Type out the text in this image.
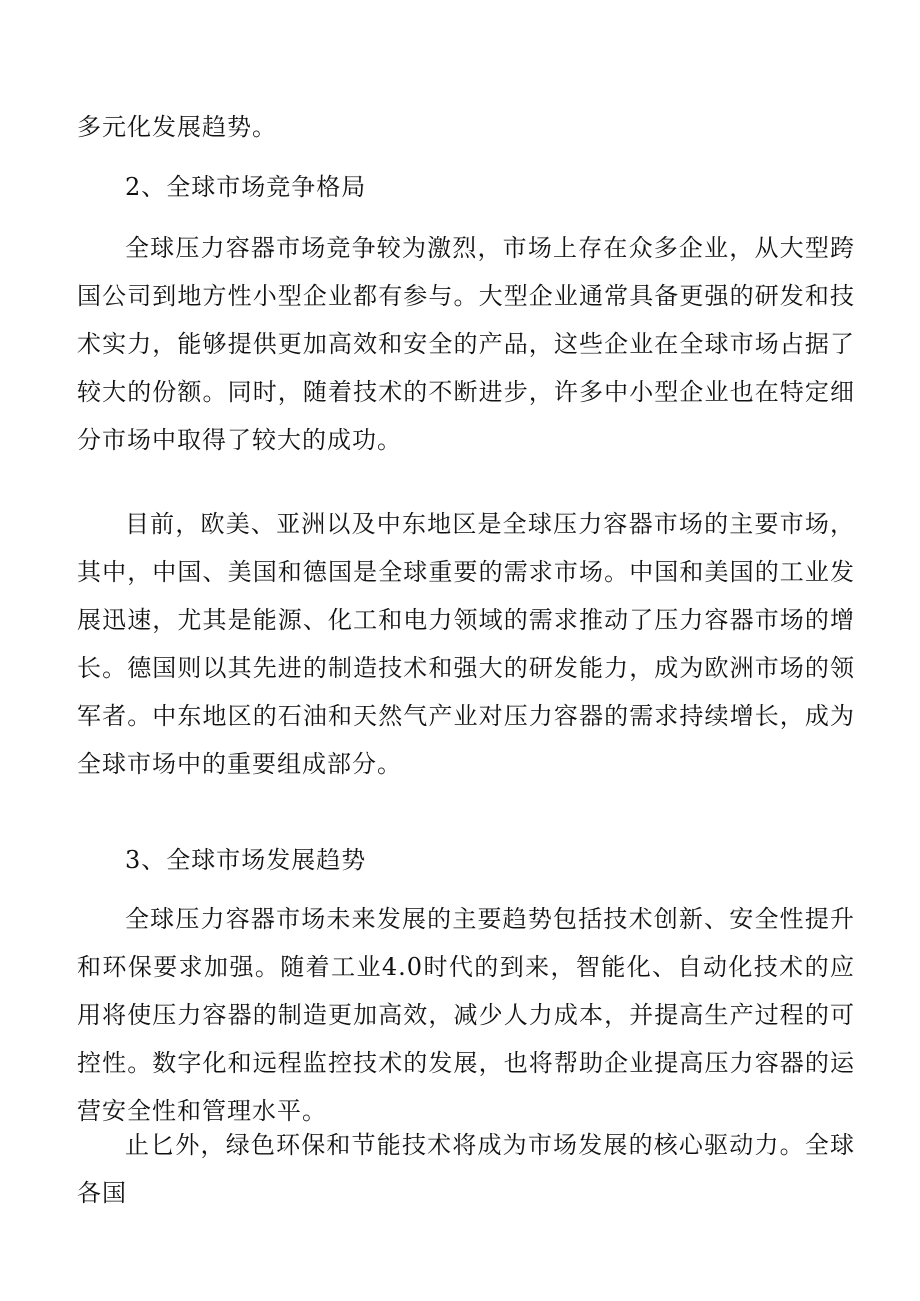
多元化发展趋势。

2、全球市场竞争格局

全球压力容器市场竞争较为激烈，市场上存在众多企业，从大型跨国公司到地方性小型企业都有参与。大型企业通常具备更强的研发和技术实力，能够提供更加高效和安全的产品，这些企业在全球市场占据了较大的份额。同时，随着技术的不断进步，许多中小型企业也在特定细分市场中取得了较大的成功。

目前，欧美、亚洲以及中东地区是全球压力容器市场的主要市场，其中，中国、美国和德国是全球重要的需求市场。中国和美国的工业发展迅速，尤其是能源、化工和电力领域的需求推动了压力容器市场的增长。德国则以其先进的制造技术和强大的研发能力，成为欧洲市场的领军者。中东地区的石油和天然气产业对压力容器的需求持续增长，成为全球市场中的重要组成部分。

3、全球市场发展趋势

全球压力容器市场未来发展的主要趋势包括技术创新、安全性提升和环保要求加强。随着工业4.0时代的到来，智能化、自动化技术的应用将使压力容器的制造更加高效，减少人力成本，并提高生产过程的可控性。数字化和远程监控技术的发展，也将帮助企业提高压力容器的运营安全性和管理水平。

止匕外，绿色环保和节能技术将成为市场发展的核心驱动力。全球各国
